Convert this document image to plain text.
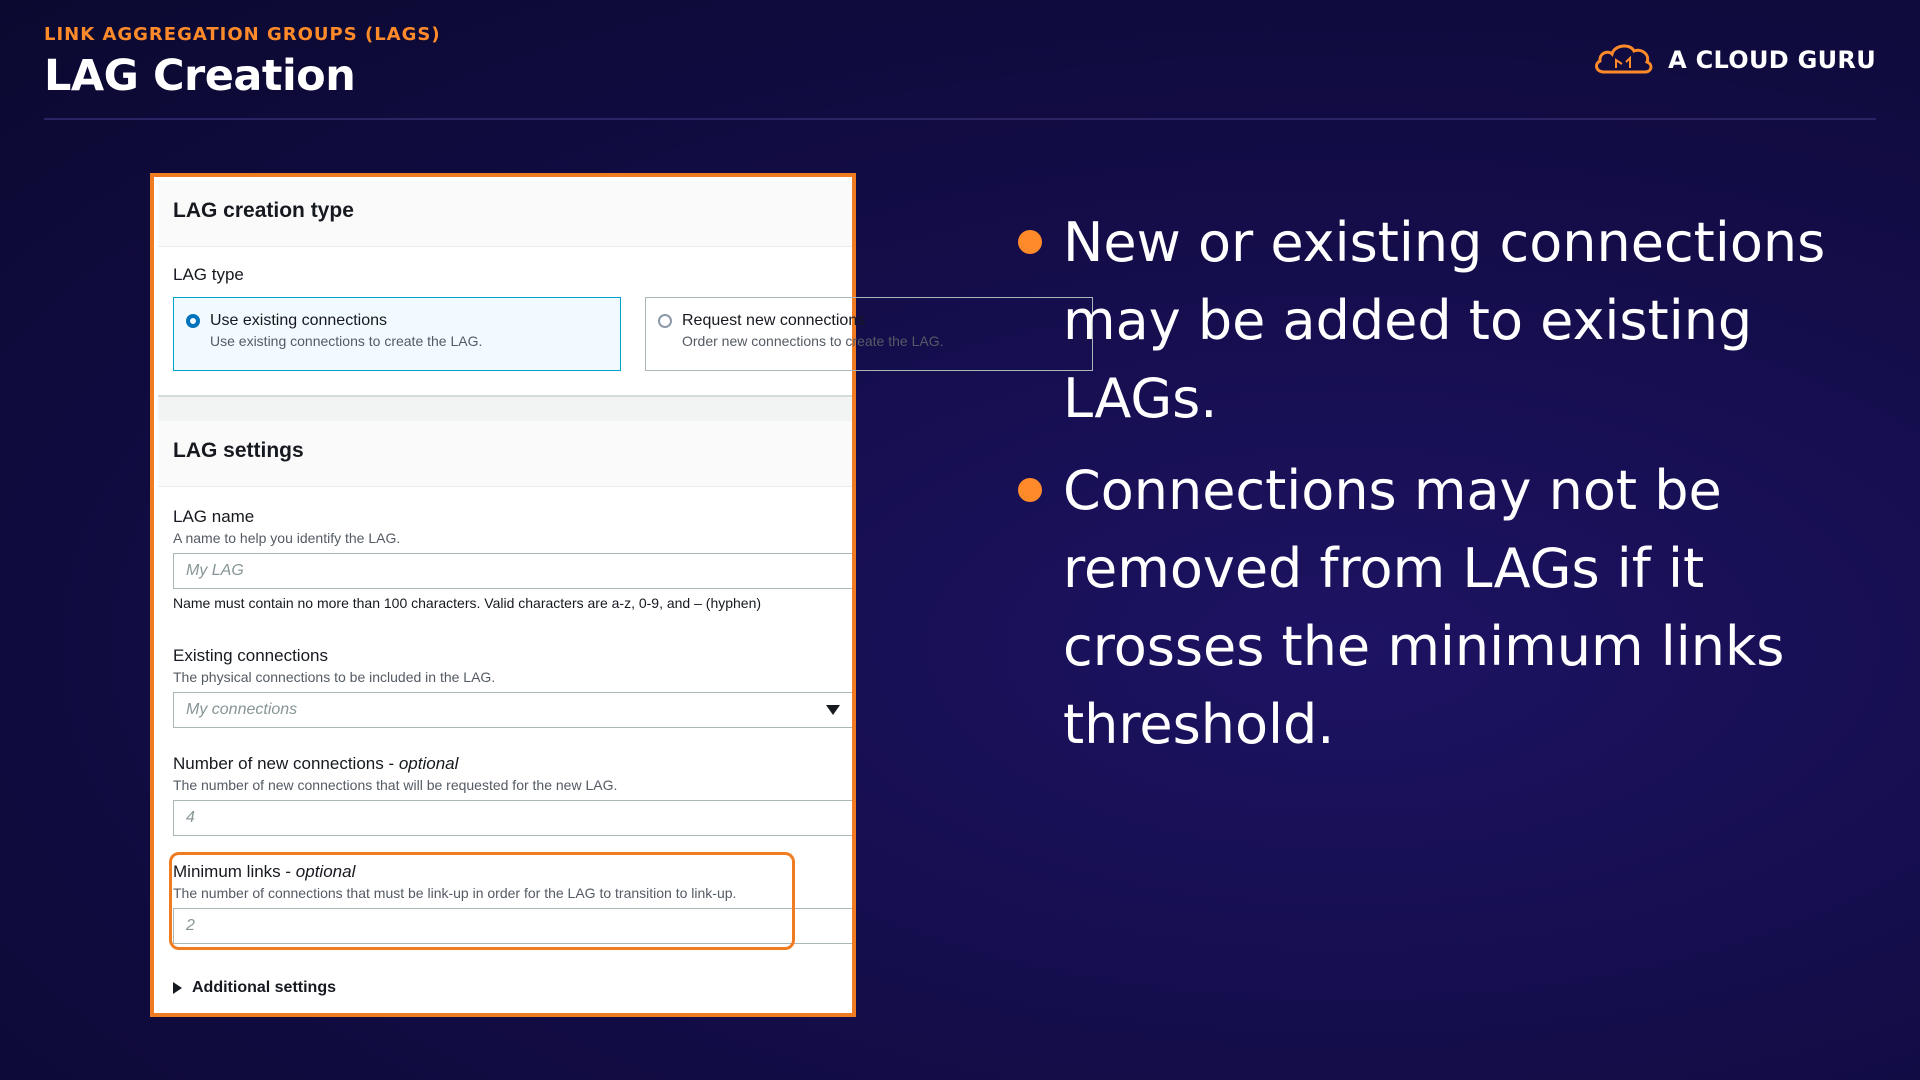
LINK AGGREGATION GROUPS (LAGS)
LAG Creation	A CLOUD GURU
LAG creation type
LAG type
Use existing connections
Use existing connections to create the LAG.
Request new connections
Order new connections to create the LAG.
LAG settings
LAG name
A name to help you identify the LAG.
My LAG
Name must contain no more than 100 characters. Valid characters are a-z, 0-9, and – (hyphen)
Existing connections
The physical connections to be included in the LAG.
My connections
Number of new connections - optional
The number of new connections that will be requested for the new LAG.
4
Minimum links - optional
The number of connections that must be link-up in order for the LAG to transition to link-up.
2
Additional settings
New or existing connections may be added to existing LAGs.
Connections may not be removed from LAGs if it crosses the minimum links threshold.
